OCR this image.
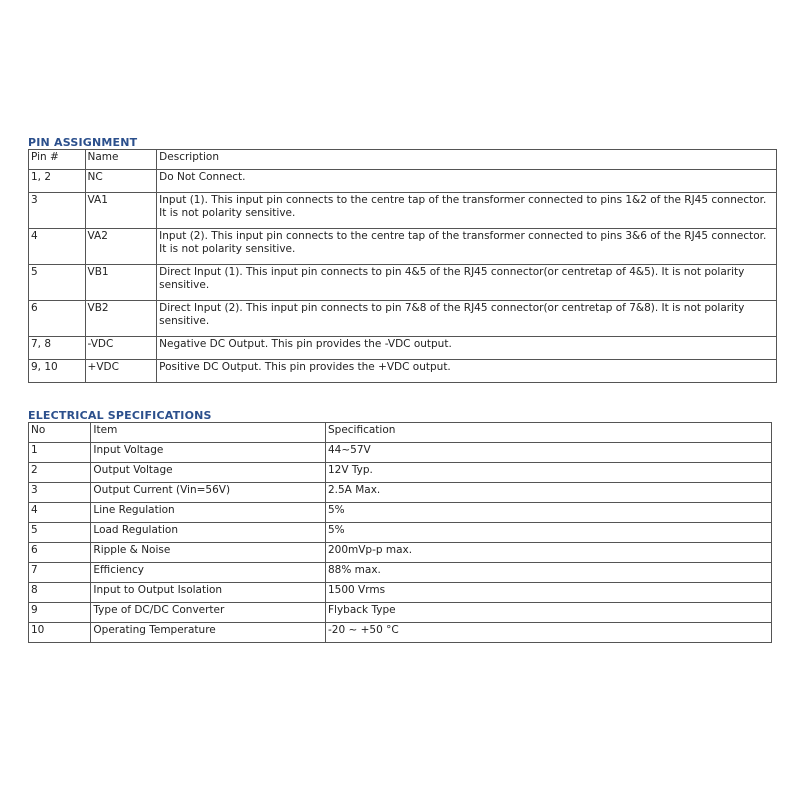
PIN ASSIGNMENT
Pin #	Name	Description
1, 2	NC	Do Not Connect.
3	VA1	Input (1). This input pin connects to the centre tap of the transformer connected to pins 1&2 of the RJ45 connector. It is not polarity sensitive.
4	VA2	Input (2). This input pin connects to the centre tap of the transformer connected to pins 3&6 of the RJ45 connector. It is not polarity sensitive.
5	VB1	Direct Input (1). This input pin connects to pin 4&5 of the RJ45 connector(or centretap of 4&5). It is not polarity sensitive.
6	VB2	Direct Input (2). This input pin connects to pin 7&8 of the RJ45 connector(or centretap of 7&8). It is not polarity sensitive.
7, 8	-VDC	Negative DC Output. This pin provides the -VDC output.
9, 10	+VDC	Positive DC Output. This pin provides the +VDC output.
ELECTRICAL SPECIFICATIONS
No	Item	Specification
1	Input Voltage	44~57V
2	Output Voltage	12V Typ.
3	Output Current (Vin=56V)	2.5A Max.
4	Line Regulation	5%
5	Load Regulation	5%
6	Ripple & Noise	200mVp-p max.
7	Efficiency	88% max.
8	Input to Output Isolation	1500 Vrms
9	Type of DC/DC Converter	Flyback Type
10	Operating Temperature	-20 ~ +50 °C
